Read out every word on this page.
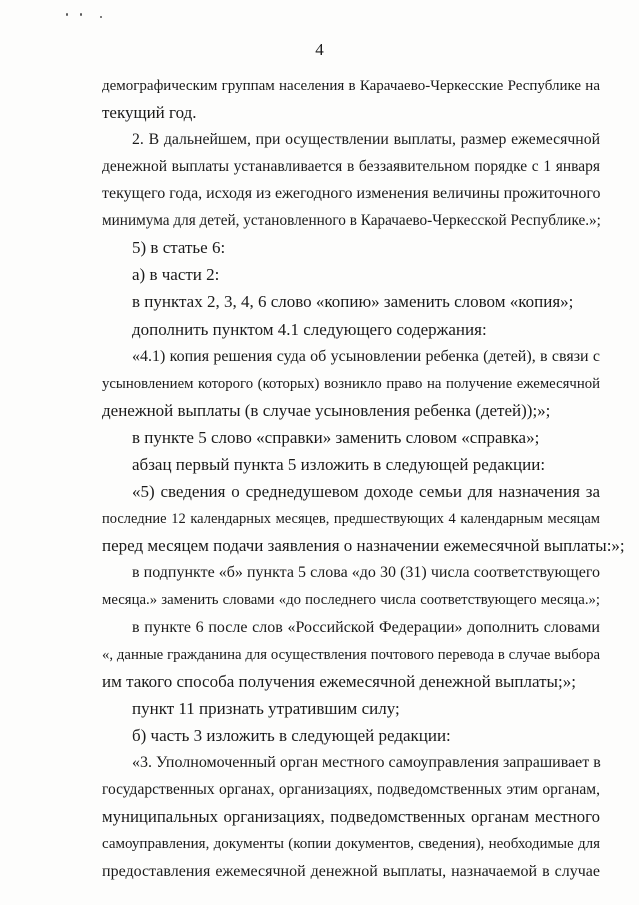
4
демографическим группам населения в Карачаево-Черкесские Республике на
текущий год.
2. В дальнейшем, при осуществлении выплаты, размер ежемесячной
денежной выплаты устанавливается в беззаявительном порядке с 1 января
текущего года, исходя из ежегодного изменения величины прожиточного
минимума для детей, установленного в Карачаево-Черкесской Республике.»;
5) в статье 6:
а) в части 2:
в пунктах 2, 3, 4, 6 слово «копию» заменить словом «копия»;
дополнить пунктом 4.1 следующего содержания:
«4.1) копия решения суда об усыновлении ребенка (детей), в связи с
усыновлением которого (которых) возникло право на получение ежемесячной
денежной выплаты (в случае усыновления ребенка (детей));»;
в пункте 5 слово «справки» заменить словом «справка»;
абзац первый пункта 5 изложить в следующей редакции:
«5) сведения о среднедушевом доходе семьи для назначения за
последние 12 календарных месяцев, предшествующих 4 календарным месяцам
перед месяцем подачи заявления о назначении ежемесячной выплаты:»;
в подпункте «б» пункта 5 слова «до 30 (31) числа соответствующего
месяца.» заменить словами «до последнего числа соответствующего месяца.»;
в пункте 6 после слов «Российской Федерации» дополнить словами
«, данные гражданина для осуществления почтового перевода в случае выбора
им такого способа получения ежемесячной денежной выплаты;»;
пункт 11 признать утратившим силу;
б) часть 3 изложить в следующей редакции:
«3. Уполномоченный орган местного самоуправления запрашивает в
государственных органах, организациях, подведомственных этим органам,
муниципальных организациях, подведомственных органам местного
самоуправления, документы (копии документов, сведения), необходимые для
предоставления ежемесячной денежной выплаты, назначаемой в случае
